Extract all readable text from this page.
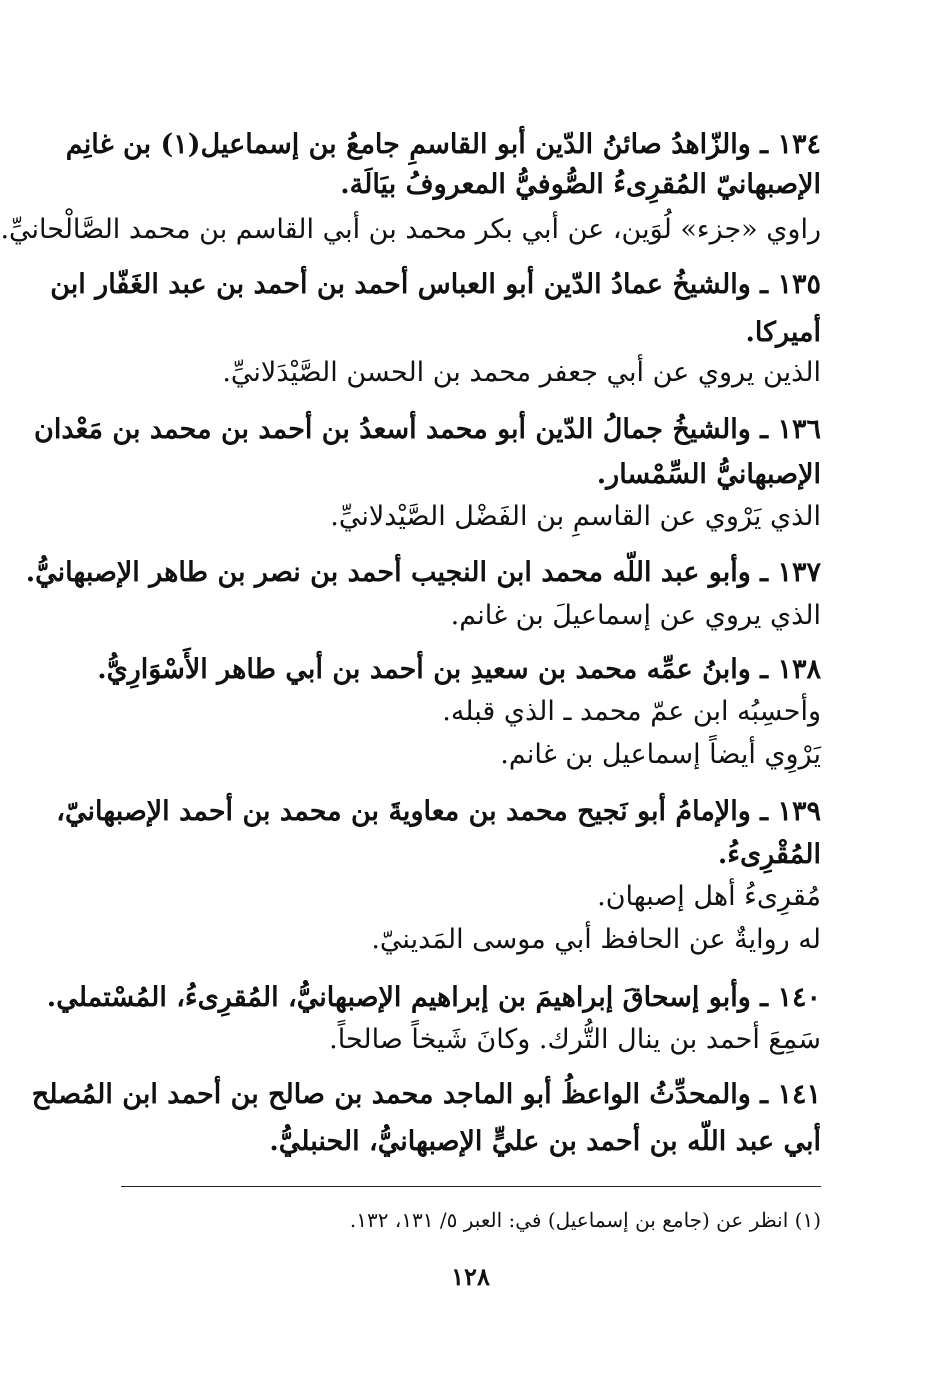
١٣٤ ـ والزّاهدُ صائنُ الدّين أبو القاسمِ جامعُ بن إسماعيل(١) بن غانِم
الإصبهانيّ المُقرِىءُ الصُّوفيُّ المعروفُ بيَالَة.
راوي «جزء» لُوَين، عن أبي بكر محمد بن أبي القاسم بن محمد الصَّالْحانيِّ.
١٣٥ ـ والشيخُ عمادُ الدّين أبو العباس أحمد بن أحمد بن عبد الغَفّار ابن
أميركا.
الذين يروي عن أبي جعفر محمد بن الحسن الصَّيْدَلانيِّ.
١٣٦ ـ والشيخُ جمالُ الدّين أبو محمد أسعدُ بن أحمد بن محمد بن مَعْدان
الإصبهانيُّ السِّمْسار.
الذي يَرْوي عن القاسمِ بن الفَضْل الصَّيْدلانيِّ.
١٣٧ ـ وأبو عبد اللّه محمد ابن النجيب أحمد بن نصر بن طاهر الإصبهانيُّ.
الذي يروي عن إسماعيلَ بن غانم.
١٣٨ ـ وابنُ عمِّه محمد بن سعيدِ بن أحمد بن أبي طاهر الأَسْوَارِيُّ.
وأحسِبُه ابن عمّ محمد ـ الذي قبله.
يَرْوِي أيضاً إسماعيل بن غانم.
١٣٩ ـ والإمامُ أبو نَجيح محمد بن معاويةَ بن محمد بن أحمد الإصبهانيّ،
المُقْرِىءُ.
مُقرِىءُ أهل إصبهان.
له روايةٌ عن الحافظ أبي موسى المَدينيّ.
١٤٠ ـ وأبو إسحاقَ إبراهيمَ بن إبراهيم الإصبهانيُّ، المُقرِىءُ، المُسْتملي.
سَمِعَ أحمد بن ينال التُّرك. وكانَ شَيخاً صالحاً.
١٤١ ـ والمحدِّثُ الواعظُ أبو الماجد محمد بن صالح بن أحمد ابن المُصلح
أبي عبد اللّه بن أحمد بن عليٍّ الإصبهانيُّ، الحنبليُّ.
(١) انظر عن (جامع بن إسماعيل) في: العبر ٥/ ١٣١، ١٣٢.
١٢٨
